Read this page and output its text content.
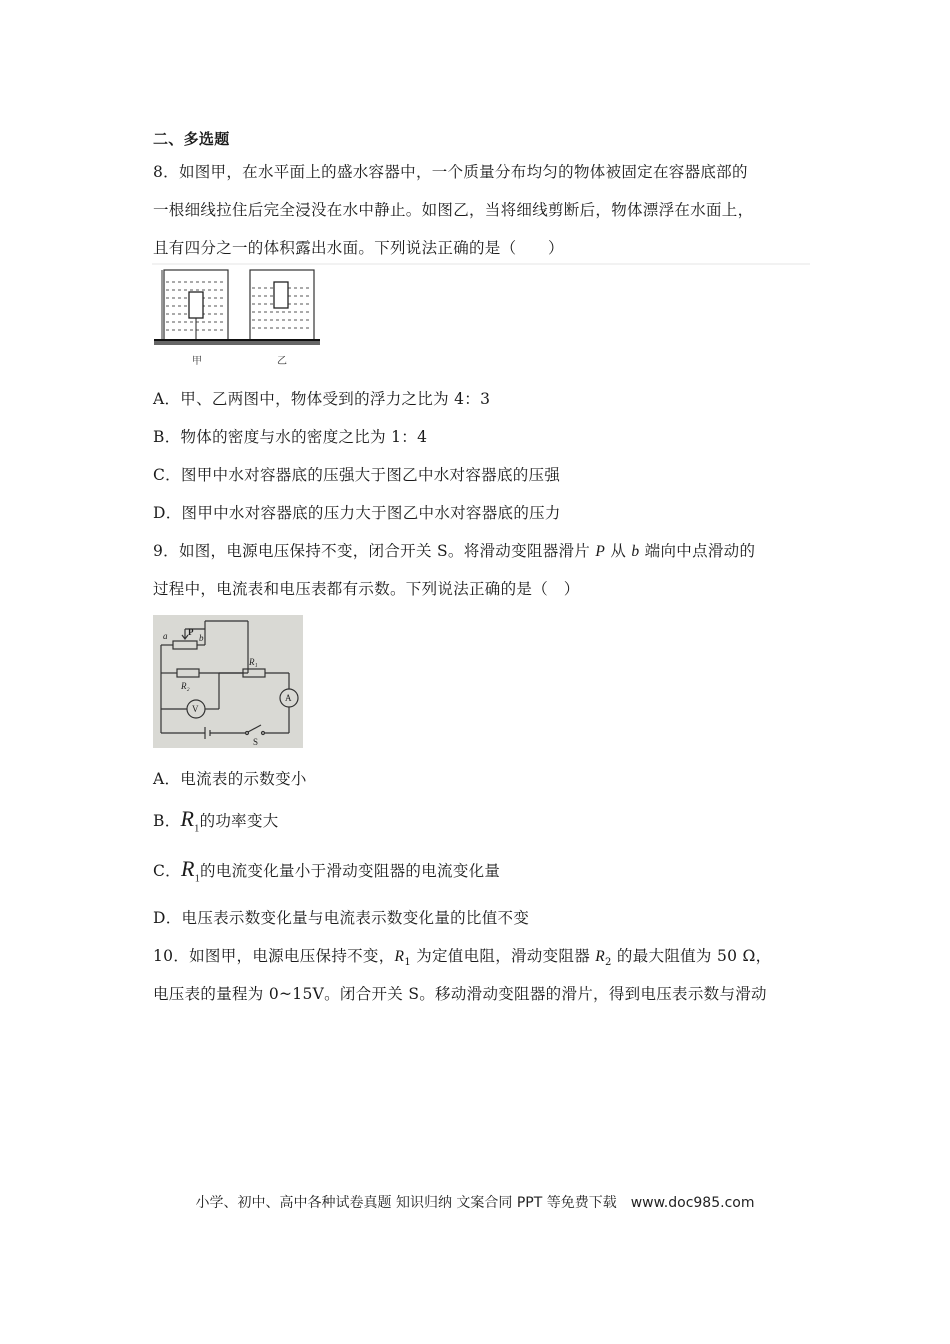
二、多选题
8．如图甲，在水平面上的盛水容器中，一个质量分布均匀的物体被固定在容器底部的
一根细线拉住后完全浸没在水中静止。如图乙，当将细线剪断后，物体漂浮在水面上，
且有四分之一的体积露出水面。下列说法正确的是（　　）
甲	乙
A．甲、乙两图中，物体受到的浮力之比为 4：3
B．物体的密度与水的密度之比为 1：4
C．图甲中水对容器底的压强大于图乙中水对容器底的压强
D．图甲中水对容器底的压力大于图乙中水对容器底的压力
9．如图，电源电压保持不变，闭合开关 S。将滑动变阻器滑片 P 从 b 端向中点滑动的
过程中，电流表和电压表都有示数。下列说法正确的是（　）
a P
b
R₁
R₂
V
A
S
A．电流表的示数变小
B．$R_1$的功率变大
C．$R_1$的电流变化量小于滑动变阻器的电流变化量
D．电压表示数变化量与电流表示数变化量的比值不变
10．如图甲，电源电压保持不变，$R_1$ 为定值电阻，滑动变阻器 $R_2$ 的最大阻值为 50 Ω，
电压表的量程为 0~15V。闭合开关 S。移动滑动变阻器的滑片，得到电压表示数与滑动
小学、初中、高中各种试卷真题 知识归纳 文案合同 PPT 等免费下载　www.doc985.com
